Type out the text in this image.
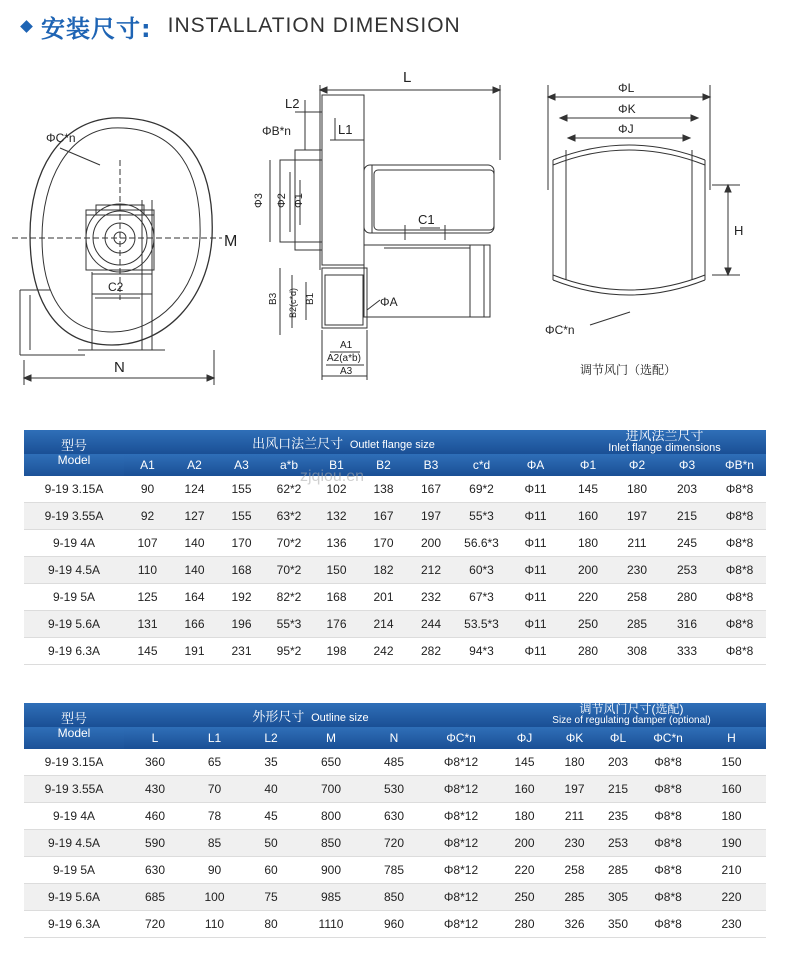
安装尺寸: INSTALLATION DIMENSION
ΦC*n
M
N
C2
L
L2
L1
ΦB*n
Φ3 Φ2 Φ1
C1
B3 B2(c*d) B1	ΦA
A1
A2(a*b)
A3
ΦL
ΦK
ΦJ
H
ΦC*n
调节风门（选配）
型号
Model	出风口法兰尺寸 Outlet flange size									进风法兰尺寸
Inlet flange dimensions			

	A1	A2	A3	a*b	B1	B2	B3	c*d	ΦA	Φ1	Φ2	Φ3	ΦB*n
9-19 3.15A	90	124	155	62*2	102	138	167	69*2	Φ11	145	180	203	Φ8*8
9-19 3.55A	92	127	155	63*2	132	167	197	55*3	Φ11	160	197	215	Φ8*8
9-19 4A	107	140	170	70*2	136	170	200	56.6*3	Φ11	180	211	245	Φ8*8
9-19 4.5A	110	140	168	70*2	150	182	212	60*3	Φ11	200	230	253	Φ8*8
9-19 5A	125	164	192	82*2	168	201	232	67*3	Φ11	220	258	280	Φ8*8
9-19 5.6A	131	166	196	55*3	176	214	244	53.5*3	Φ11	250	285	316	Φ8*8
9-19 6.3A	145	191	231	95*2	198	242	282	94*3	Φ11	280	308	333	Φ8*8
zjqiou.en
型号
Model	外形尺寸 Outline size						调节风门尺寸(选配)
Size of regulating damper (optional)				

	L	L1	L2	M	N	ΦC*n	ΦJ	ΦK	ΦL	ΦC*n	H
9-19 3.15A	360	65	35	650	485	Φ8*12	145	180	203	Φ8*8	150
9-19 3.55A	430	70	40	700	530	Φ8*12	160	197	215	Φ8*8	160
9-19 4A	460	78	45	800	630	Φ8*12	180	211	235	Φ8*8	180
9-19 4.5A	590	85	50	850	720	Φ8*12	200	230	253	Φ8*8	190
9-19 5A	630	90	60	900	785	Φ8*12	220	258	285	Φ8*8	210
9-19 5.6A	685	100	75	985	850	Φ8*12	250	285	305	Φ8*8	220
9-19 6.3A	720	110	80	1110	960	Φ8*12	280	326	350	Φ8*8	230
